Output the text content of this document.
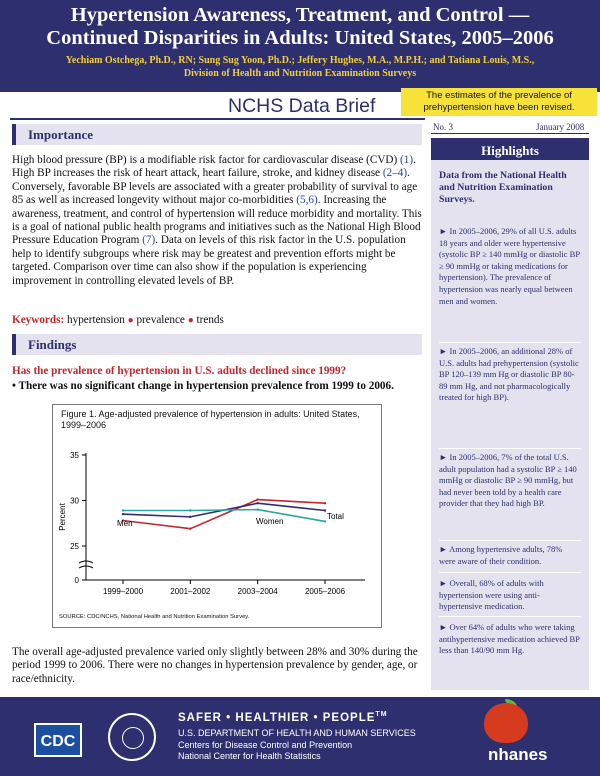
Hypertension Awareness, Treatment, and Control —
Continued Disparities in Adults: United States, 2005–2006
Yechiam Ostchega, Ph.D., RN; Sung Sug Yoon, Ph.D.; Jeffery Hughes, M.A., M.P.H.; and Tatiana Louis, M.S.,
Division of Health and Nutrition Examination Surveys
NCHS Data Brief	The estimates of the prevalence of prehypertension have been revised.
No. 3	January 2008
Importance

High blood pressure (BP) is a modifiable risk factor for cardiovascular disease (CVD) (1). High BP increases the risk of heart attack, heart failure, stroke, and kidney disease (2–4). Conversely, favorable BP levels are associated with a greater probability of survival to age 85 as well as increased longevity without major co-morbidities (5,6). Increasing the awareness, treatment, and control of hypertension will reduce morbidity and mortality. This is a goal of national public health programs and initiatives such as the National High Blood Pressure Education Program (7). Data on levels of this risk factor in the U.S. population help to identify subgroups where risk may be greatest and prevention efforts might be targeted. Comparison over time can also show if the population is experiencing improvement in controlling elevated levels of BP.

Keywords: hypertension ● prevalence ● trends
Findings
Has the prevalence of hypertension in U.S. adults declined since 1999?
• There was no significant change in hypertension prevalence from 1999 to 2006.
Figure 1. Age-adjusted prevalence of hypertension in adults: United States, 1999–2006
0
25
30
35
Percent
1999–2000	2001–2002	2003–2004	2005–2006
Men
Total
Women
SOURCE: CDC/NCHS, National Health and Nutrition Examination Survey.

The overall age-adjusted prevalence varied only slightly between 28% and 30% during the period 1999 to 2006. There were no changes in hypertension prevalence by gender, age, or race/ethnicity.

Highlights
Data from the National Health and Nutrition Examination Surveys.
► In 2005–2006, 29% of all U.S. adults 18 years and older were hypertensive (systolic BP ≥ 140 mmHg or diastolic BP ≥ 90 mmHg or taking medications for hypertension). The prevalence of hypertension was nearly equal between men and women.
► In 2005–2006, an additional 28% of U.S. adults had prehypertension (systolic BP 120–139 mm Hg or diastolic BP 80-89 mm Hg, and not pharmacologically treated for high BP).
► In 2005–2006, 7% of the total U.S. adult population had a systolic BP ≥ 140 mmHg or diastolic BP ≥ 90 mmHg, but had never been told by a health care provider that they had high BP.
► Among hypertensive adults, 78% were aware of their condition.
► Overall, 68% of adults with hypertension were using anti-hypertensive medication.
► Over 64% of adults who were taking antihypertensive medication achieved BP less than 140/90 mm Hg.
CDC
SAFER • HEALTHIER • PEOPLE™
U.S. DEPARTMENT OF HEALTH AND HUMAN SERVICES
Centers for Disease Control and Prevention
National Center for Health Statistics	nhanes
